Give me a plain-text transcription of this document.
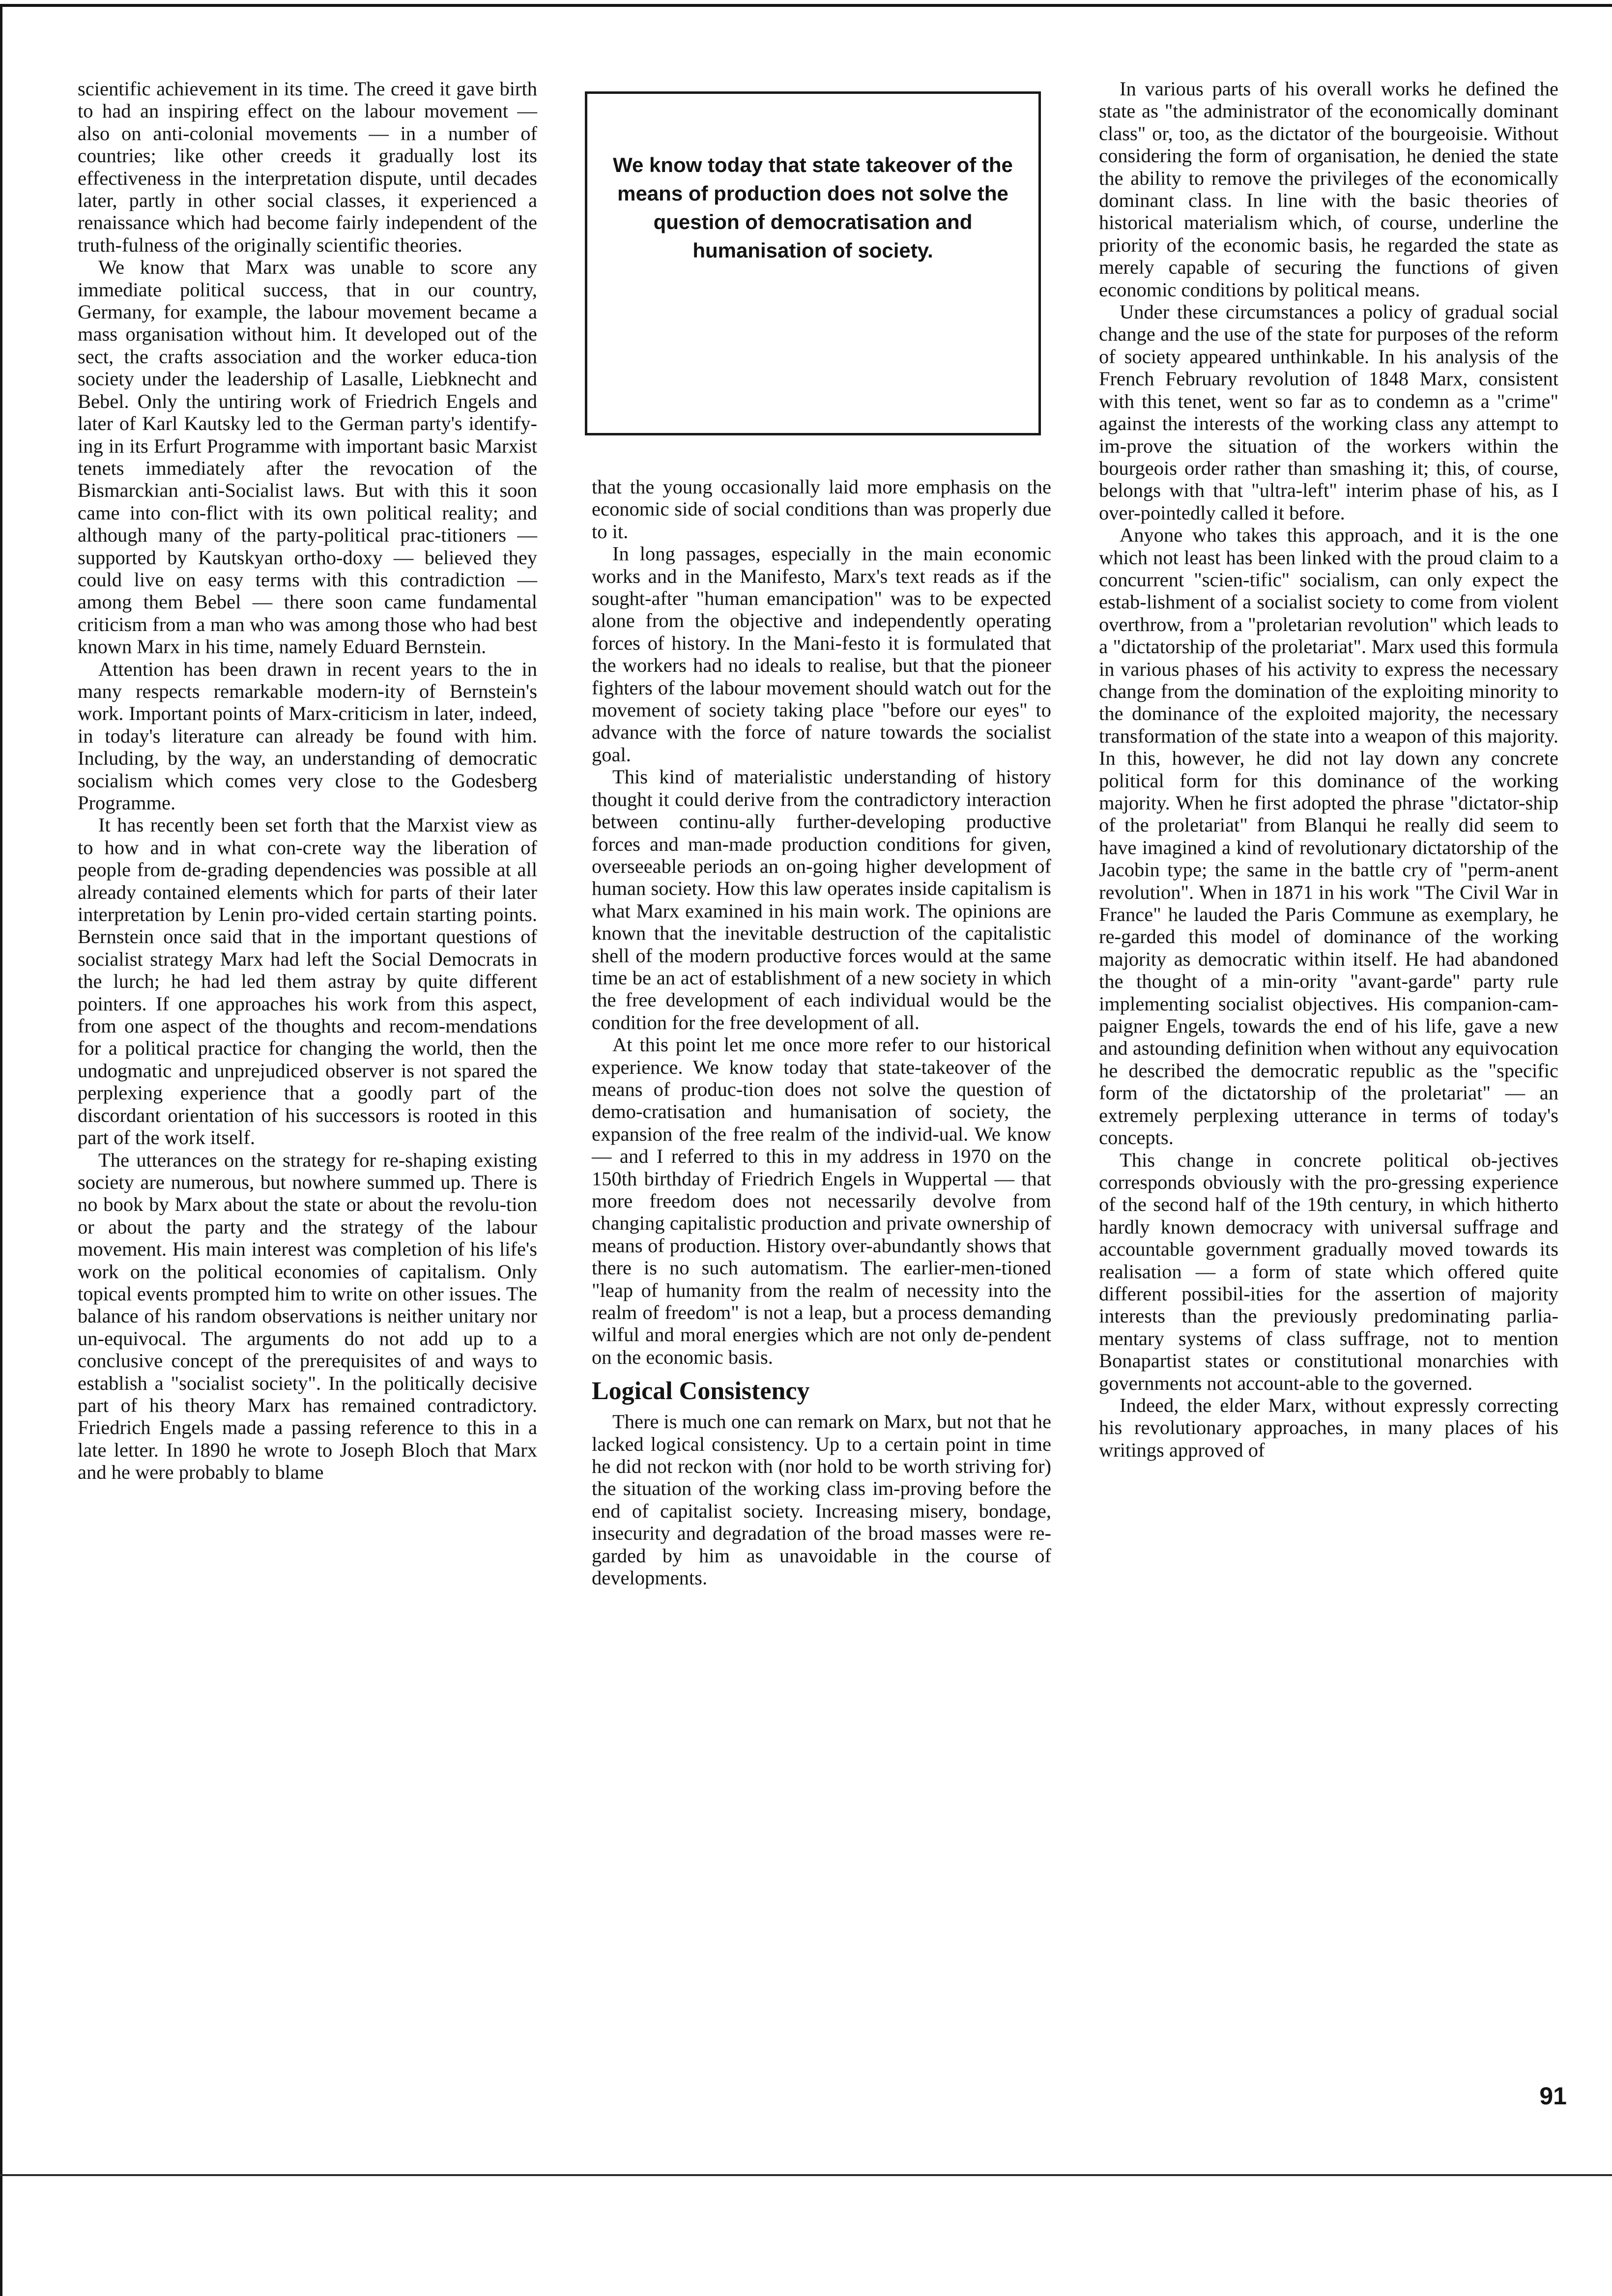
scientific achievement in its time. The creed it gave birth to had an inspiring effect on the labour movement — also on anti-colonial movements — in a number of countries; like other creeds it gradually lost its effectiveness in the interpretation dispute, until decades later, partly in other social classes, it experienced a renaissance which had become fairly independent of the truth-fulness of the originally scientific theories.

We know that Marx was unable to score any immediate political success, that in our country, Germany, for example, the labour movement became a mass organisation without him. It developed out of the sect, the crafts association and the worker educa-tion society under the leadership of Lasalle, Liebknecht and Bebel. Only the untiring work of Friedrich Engels and later of Karl Kautsky led to the German party's identify-ing in its Erfurt Programme with important basic Marxist tenets immediately after the revocation of the Bismarckian anti-Socialist laws. But with this it soon came into con-flict with its own political reality; and although many of the party-political prac-titioners — supported by Kautskyan ortho-doxy — believed they could live on easy terms with this contradiction — among them Bebel — there soon came fundamental criticism from a man who was among those who had best known Marx in his time, namely Eduard Bernstein.

Attention has been drawn in recent years to the in many respects remarkable modern-ity of Bernstein's work. Important points of Marx-criticism in later, indeed, in today's literature can already be found with him. Including, by the way, an understanding of democratic socialism which comes very close to the Godesberg Programme.

It has recently been set forth that the Marxist view as to how and in what con-crete way the liberation of people from de-grading dependencies was possible at all already contained elements which for parts of their later interpretation by Lenin pro-vided certain starting points. Bernstein once said that in the important questions of socialist strategy Marx had left the Social Democrats in the lurch; he had led them astray by quite different pointers. If one approaches his work from this aspect, from one aspect of the thoughts and recom-mendations for a political practice for changing the world, then the undogmatic and unprejudiced observer is not spared the perplexing experience that a goodly part of the discordant orientation of his successors is rooted in this part of the work itself.

The utterances on the strategy for re-shaping existing society are numerous, but nowhere summed up. There is no book by Marx about the state or about the revolu-tion or about the party and the strategy of the labour movement. His main interest was completion of his life's work on the political economies of capitalism. Only topical events prompted him to write on other issues. The balance of his random observations is neither unitary nor un-equivocal. The arguments do not add up to a conclusive concept of the prerequisites of and ways to establish a "socialist society". In the politically decisive part of his theory Marx has remained contradictory. Friedrich Engels made a passing reference to this in a late letter. In 1890 he wrote to Joseph Bloch that Marx and he were probably to blame

We know today that state takeover of the means of production does not solve the question of democratisation and humanisation of society.

that the young occasionally laid more emphasis on the economic side of social conditions than was properly due to it.

In long passages, especially in the main economic works and in the Manifesto, Marx's text reads as if the sought-after "human emancipation" was to be expected alone from the objective and independently operating forces of history. In the Mani-festo it is formulated that the workers had no ideals to realise, but that the pioneer fighters of the labour movement should watch out for the movement of society taking place "before our eyes" to advance with the force of nature towards the socialist goal.

This kind of materialistic understanding of history thought it could derive from the contradictory interaction between continu-ally further-developing productive forces and man-made production conditions for given, overseeable periods an on-going higher development of human society. How this law operates inside capitalism is what Marx examined in his main work. The opinions are known that the inevitable destruction of the capitalistic shell of the modern productive forces would at the same time be an act of establishment of a new society in which the free development of each individual would be the condition for the free development of all.

At this point let me once more refer to our historical experience. We know today that state-takeover of the means of produc-tion does not solve the question of demo-cratisation and humanisation of society, the expansion of the free realm of the individ-ual. We know — and I referred to this in my address in 1970 on the 150th birthday of Friedrich Engels in Wuppertal — that more freedom does not necessarily devolve from changing capitalistic production and private ownership of means of production. History over-abundantly shows that there is no such automatism. The earlier-men-tioned "leap of humanity from the realm of necessity into the realm of freedom" is not a leap, but a process demanding wilful and moral energies which are not only de-pendent on the economic basis.

Logical Consistency

There is much one can remark on Marx, but not that he lacked logical consistency. Up to a certain point in time he did not reckon with (nor hold to be worth striving for) the situation of the working class im-proving before the end of capitalist society. Increasing misery, bondage, insecurity and degradation of the broad masses were re-garded by him as unavoidable in the course of developments.

In various parts of his overall works he defined the state as "the administrator of the economically dominant class" or, too, as the dictator of the bourgeoisie. Without considering the form of organisation, he denied the state the ability to remove the privileges of the economically dominant class. In line with the basic theories of historical materialism which, of course, underline the priority of the economic basis, he regarded the state as merely capable of securing the functions of given economic conditions by political means.

Under these circumstances a policy of gradual social change and the use of the state for purposes of the reform of society appeared unthinkable. In his analysis of the French February revolution of 1848 Marx, consistent with this tenet, went so far as to condemn as a "crime" against the interests of the working class any attempt to im-prove the situation of the workers within the bourgeois order rather than smashing it; this, of course, belongs with that "ultra-left" interim phase of his, as I over-pointedly called it before.

Anyone who takes this approach, and it is the one which not least has been linked with the proud claim to a concurrent "scien-tific" socialism, can only expect the estab-lishment of a socialist society to come from violent overthrow, from a "proletarian revolution" which leads to a "dictatorship of the proletariat". Marx used this formula in various phases of his activity to express the necessary change from the domination of the exploiting minority to the dominance of the exploited majority, the necessary transformation of the state into a weapon of this majority. In this, however, he did not lay down any concrete political form for this dominance of the working majority. When he first adopted the phrase "dictator-ship of the proletariat" from Blanqui he really did seem to have imagined a kind of revolutionary dictatorship of the Jacobin type; the same in the battle cry of "perm-anent revolution". When in 1871 in his work "The Civil War in France" he lauded the Paris Commune as exemplary, he re-garded this model of dominance of the working majority as democratic within itself. He had abandoned the thought of a min-ority "avant-garde" party rule implementing socialist objectives. His companion-cam-paigner Engels, towards the end of his life, gave a new and astounding definition when without any equivocation he described the democratic republic as the "specific form of the dictatorship of the proletariat" — an extremely perplexing utterance in terms of today's concepts.

This change in concrete political ob-jectives corresponds obviously with the pro-gressing experience of the second half of the 19th century, in which hitherto hardly known democracy with universal suffrage and accountable government gradually moved towards its realisation — a form of state which offered quite different possibil-ities for the assertion of majority interests than the previously predominating parlia-mentary systems of class suffrage, not to mention Bonapartist states or constitutional monarchies with governments not account-able to the governed.

Indeed, the elder Marx, without expressly correcting his revolutionary approaches, in many places of his writings approved of

91
